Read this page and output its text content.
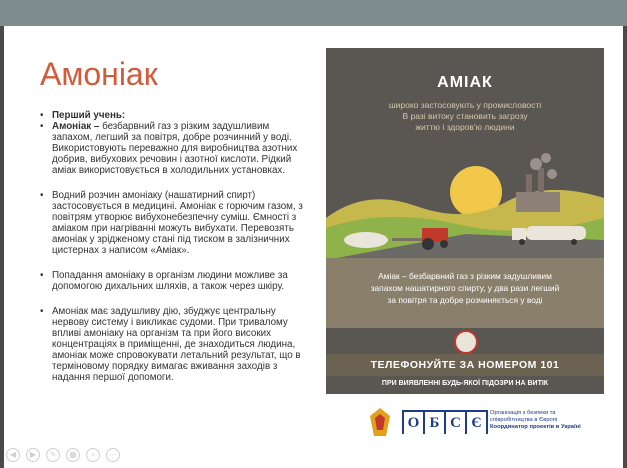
Амоніак
• Перший учень:
• Амоніак – безбарвний газ з різким задушливим запахом, легший за повітря, добре розчинний у воді. Використовують переважно для виробництва азотних добрив, вибухових речовин і азотної кислоти. Рідкий аміак використовується в холодильних установках.
• Водний розчин амоніаку (нашатирний спирт) застосовується в медицині. Амоніак є горючим газом, з повітрям утворює вибухонебезпечну суміш. Ємності з аміаком при нагріванні можуть вибухати. Перевозять амоніак у зрідженому стані під тиском в залізничних цистернах з написом «Аміак».
• Попадання амоніаку в організм людини можливе за допомогою дихальних шляхів, а також через шкіру.
• Амоніак має задушливу дію, збуджує центральну нервову систему і викликає судоми. При тривалому впливі амоніаку на організм та при його високих концентраціях в приміщенні, де знаходиться людина, амоніак може спровокувати летальний результат, що в терміновому порядку вимагає вживання заходів з надання першої допомоги.
АМІАК
широко застосовують у промисловості
В разі витоку становить загрозу
життю і здоров'ю людини
Аміак – безбарвний газ з різким задушливим
запахом нашатирного спирту, у два рази легший
за повітря та добре розчиняється у воді
ТЕЛЕФОНУЙТЕ ЗА НОМЕРОМ 101
ПРИ ВИЯВЛЕННІ БУДЬ-ЯКОЇ ПІДОЗРИ НА ВИТІК
О Б С Є
Організація з безпеки та
співробітництва в Європі
Координатор проектів в Україні
◀	▶	✎	▦	⌕	⋯
